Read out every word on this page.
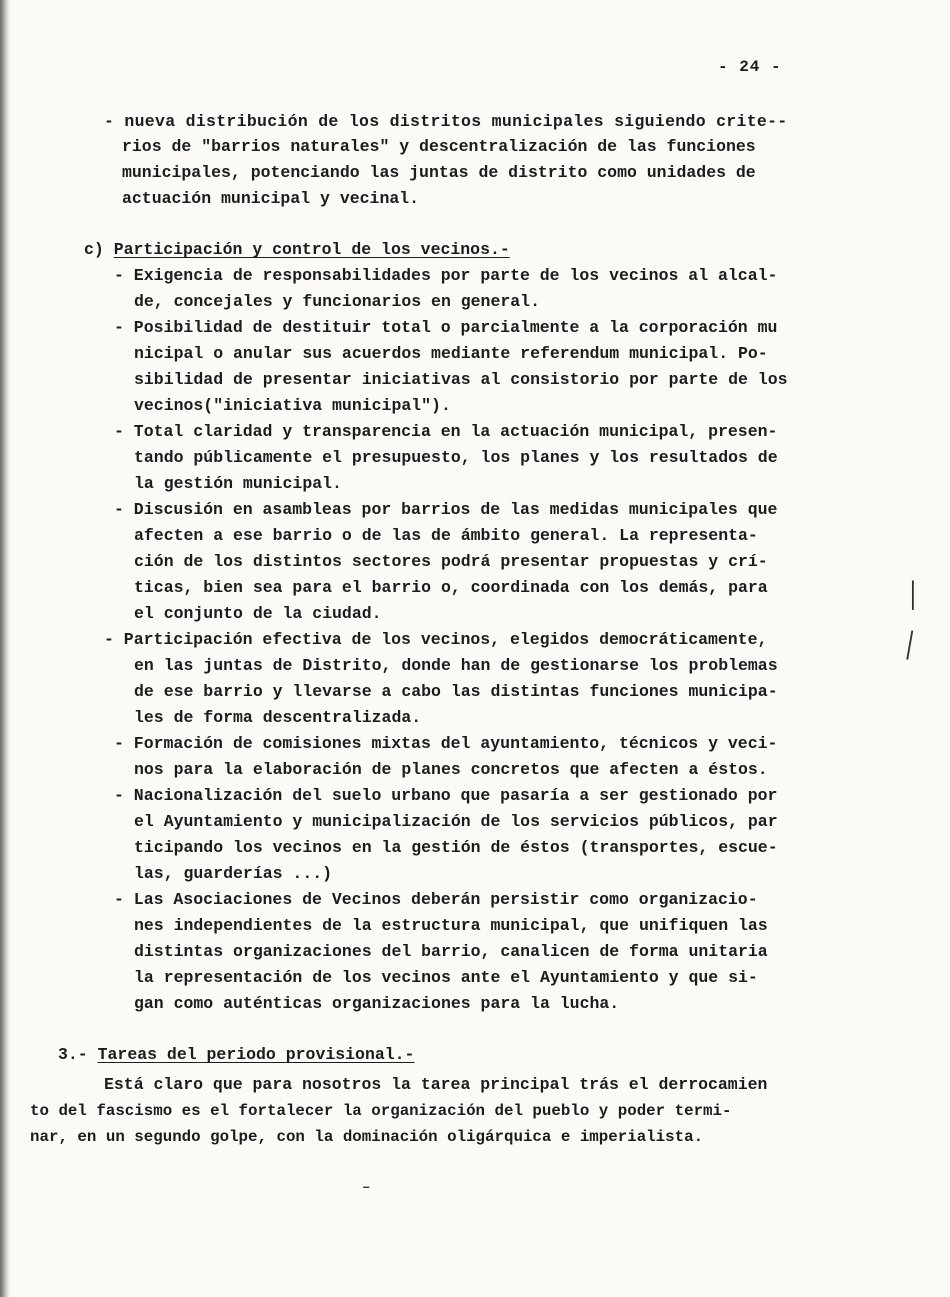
- 24 -
- nueva distribución de los distritos municipales siguiendo crite--
rios de "barrios naturales" y descentralización de las funciones
municipales, potenciando las juntas de distrito como unidades de
actuación municipal y vecinal.
c) Participación y control de los vecinos.-
- Exigencia de responsabilidades por parte de los vecinos al alcal-
de, concejales y funcionarios en general.
- Posibilidad de destituir total o parcialmente a la corporación mu
nicipal o anular sus acuerdos mediante referendum municipal. Po-
sibilidad de presentar iniciativas al consistorio por parte de los
vecinos("iniciativa municipal").
- Total claridad y transparencia en la actuación municipal, presen-
tando públicamente el presupuesto, los planes y los resultados de
la gestión municipal.
- Discusión en asambleas por barrios de las medidas municipales que
afecten a ese barrio o de las de ámbito general. La representa-
ción de los distintos sectores podrá presentar propuestas y crí-
ticas, bien sea para el barrio o, coordinada con los demás, para
el conjunto de la ciudad.
- Participación efectiva de los vecinos, elegidos democráticamente,
en las juntas de Distrito, donde han de gestionarse los problemas
de ese barrio y llevarse a cabo las distintas funciones municipa-
les de forma descentralizada.
- Formación de comisiones mixtas del ayuntamiento, técnicos y veci-
nos para la elaboración de planes concretos que afecten a éstos.
- Nacionalización del suelo urbano que pasaría a ser gestionado por
el Ayuntamiento y municipalización de los servicios públicos, par
ticipando los vecinos en la gestión de éstos (transportes, escue-
las, guarderías ...)
- Las Asociaciones de Vecinos deberán persistir como organizacio-
nes independientes de la estructura municipal, que unifiquen las
distintas organizaciones del barrio, canalicen de forma unitaria
la representación de los vecinos ante el Ayuntamiento y que si-
gan como auténticas organizaciones para la lucha.
3.- Tareas del periodo provisional.-
Está claro que para nosotros la tarea principal trás el derrocamien
to del fascismo es el fortalecer la organización del pueblo y poder termi-
nar, en un segundo golpe, con la dominación oligárquica e imperialista.
│
│
–
